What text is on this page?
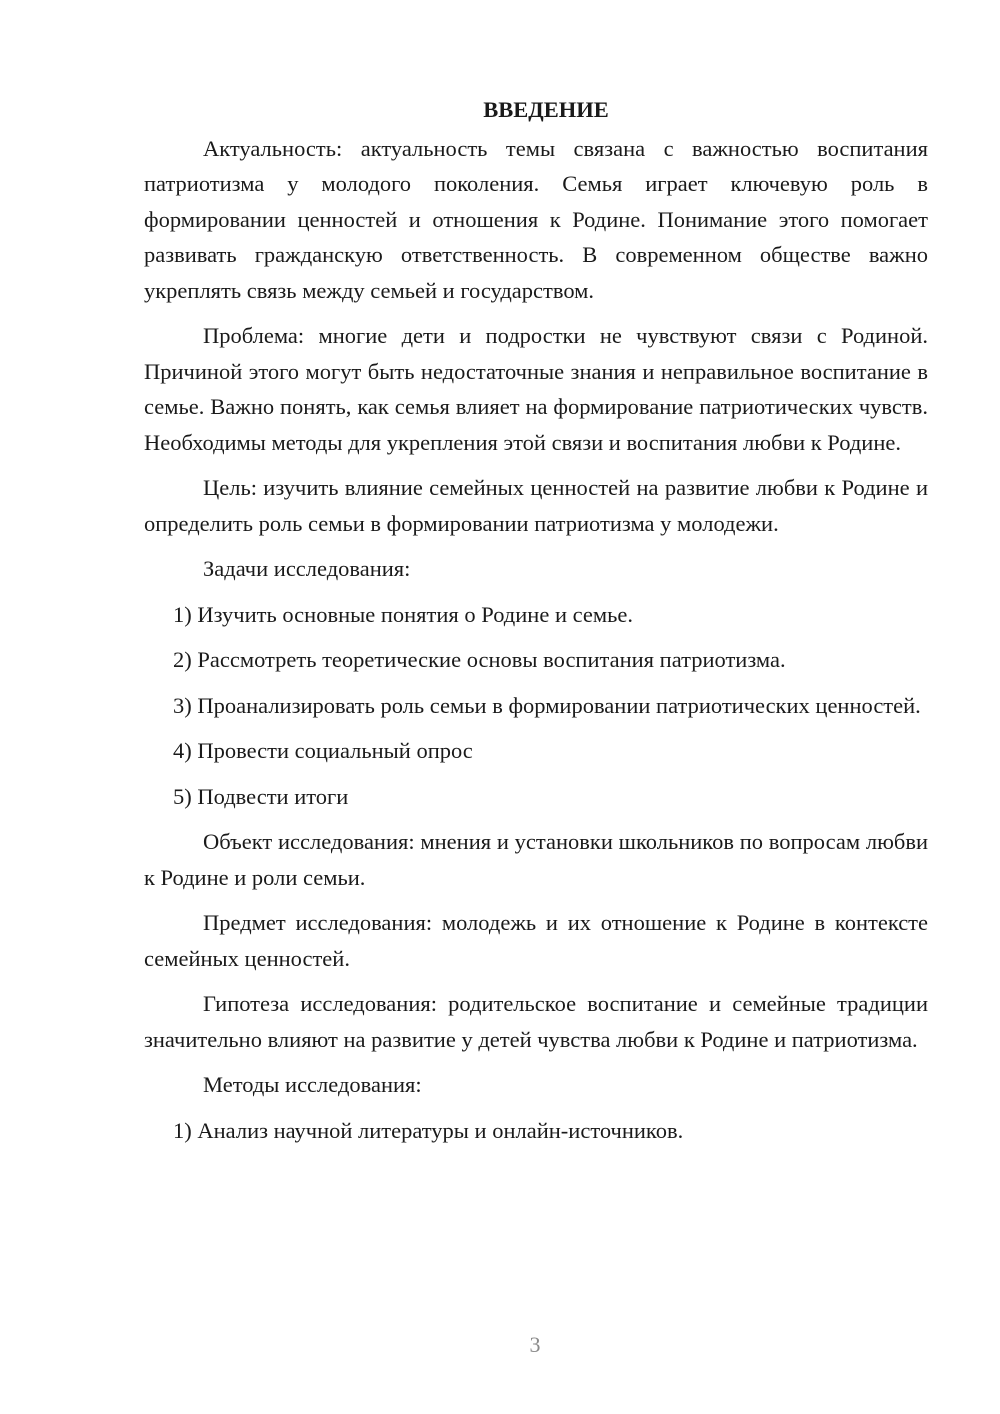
ВВЕДЕНИЕ

Актуальность: актуальность темы связана с важностью воспитания патриотизма у молодого поколения. Семья играет ключевую роль в формировании ценностей и отношения к Родине. Понимание этого помогает развивать гражданскую ответственность. В современном обществе важно укреплять связь между семьей и государством.

Проблема: многие дети и подростки не чувствуют связи с Родиной. Причиной этого могут быть недостаточные знания и неправильное воспитание в семье. Важно понять, как семья влияет на формирование патриотических чувств. Необходимы методы для укрепления этой связи и воспитания любви к Родине.

Цель: изучить влияние семейных ценностей на развитие любви к Родине и определить роль семьи в формировании патриотизма у молодежи.

Задачи исследования:

1) Изучить основные понятия о Родине и семье.

2) Рассмотреть теоретические основы воспитания патриотизма.

3) Проанализировать роль семьи в формировании патриотических ценностей.

4) Провести социальный опрос

5) Подвести итоги

Объект исследования: мнения и установки школьников по вопросам любви к Родине и роли семьи.

Предмет исследования: молодежь и их отношение к Родине в контексте семейных ценностей.

Гипотеза исследования: родительское воспитание и семейные традиции значительно влияют на развитие у детей чувства любви к Родине и патриотизма.

Методы исследования:

1) Анализ научной литературы и онлайн-источников.

3
